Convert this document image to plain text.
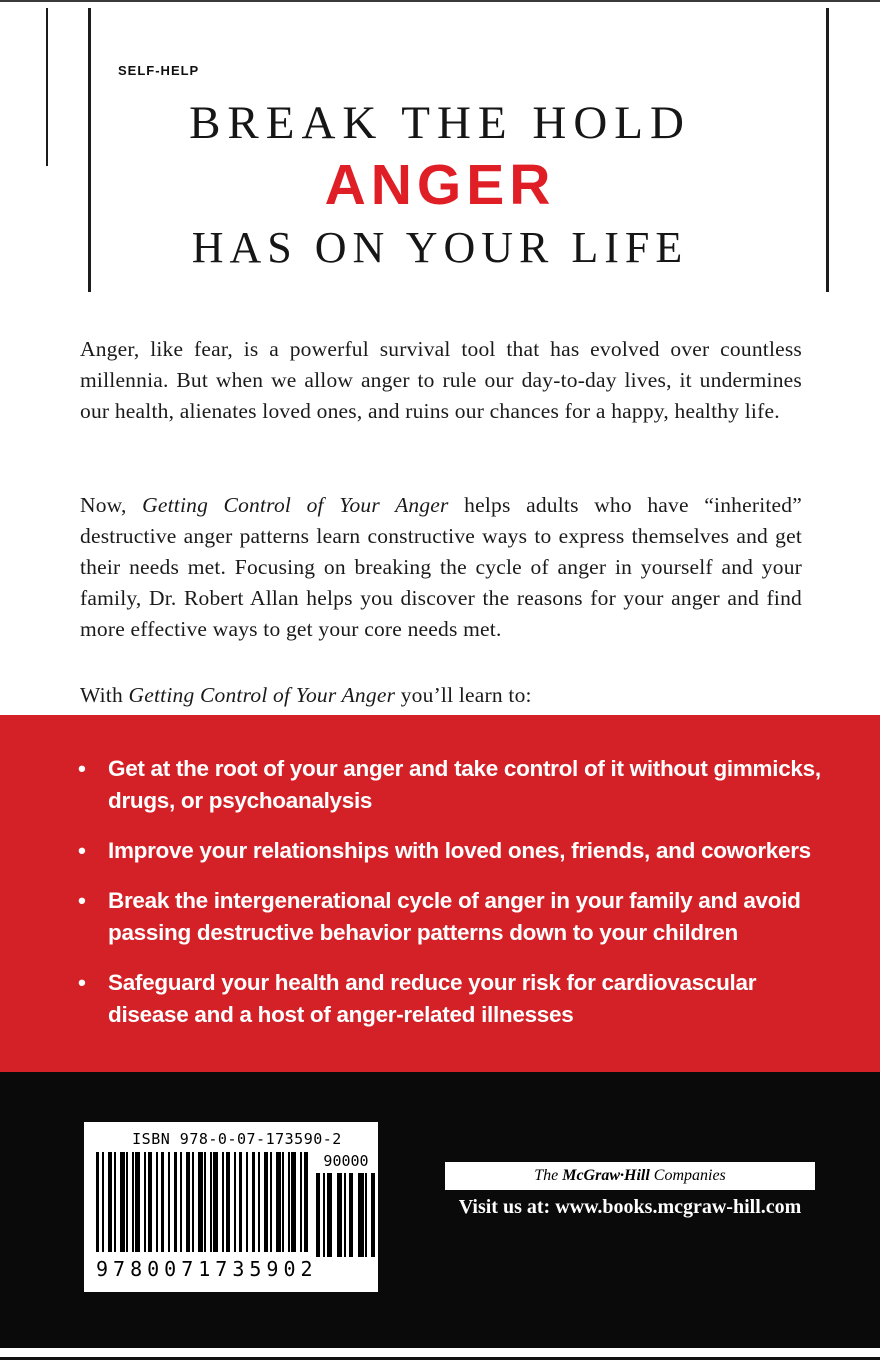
SELF-HELP
BREAK THE HOLD
ANGER
HAS ON YOUR LIFE

Anger, like fear, is a powerful survival tool that has evolved over countless millennia. But when we allow anger to rule our day-to-day lives, it undermines our health, alienates loved ones, and ruins our chances for a happy, healthy life.

Now, Getting Control of Your Anger helps adults who have “inherited” destructive anger patterns learn constructive ways to express themselves and get their needs met. Focusing on breaking the cycle of anger in yourself and your family, Dr. Robert Allan helps you discover the reasons for your anger and find more effective ways to get your core needs met.

With Getting Control of Your Anger you’ll learn to:

• Get at the root of your anger and take control of it without gimmicks, drugs, or psychoanalysis
• Improve your relationships with loved ones, friends, and coworkers
• Break the intergenerational cycle of anger in your family and avoid passing destructive behavior patterns down to your children
• Safeguard your health and reduce your risk for cardiovascular disease and a host of anger-related illnesses
ISBN 978-0-07-173590-2
9780071735902
90000
The McGraw·Hill Companies
Visit us at: www.books.mcgraw-hill.com
